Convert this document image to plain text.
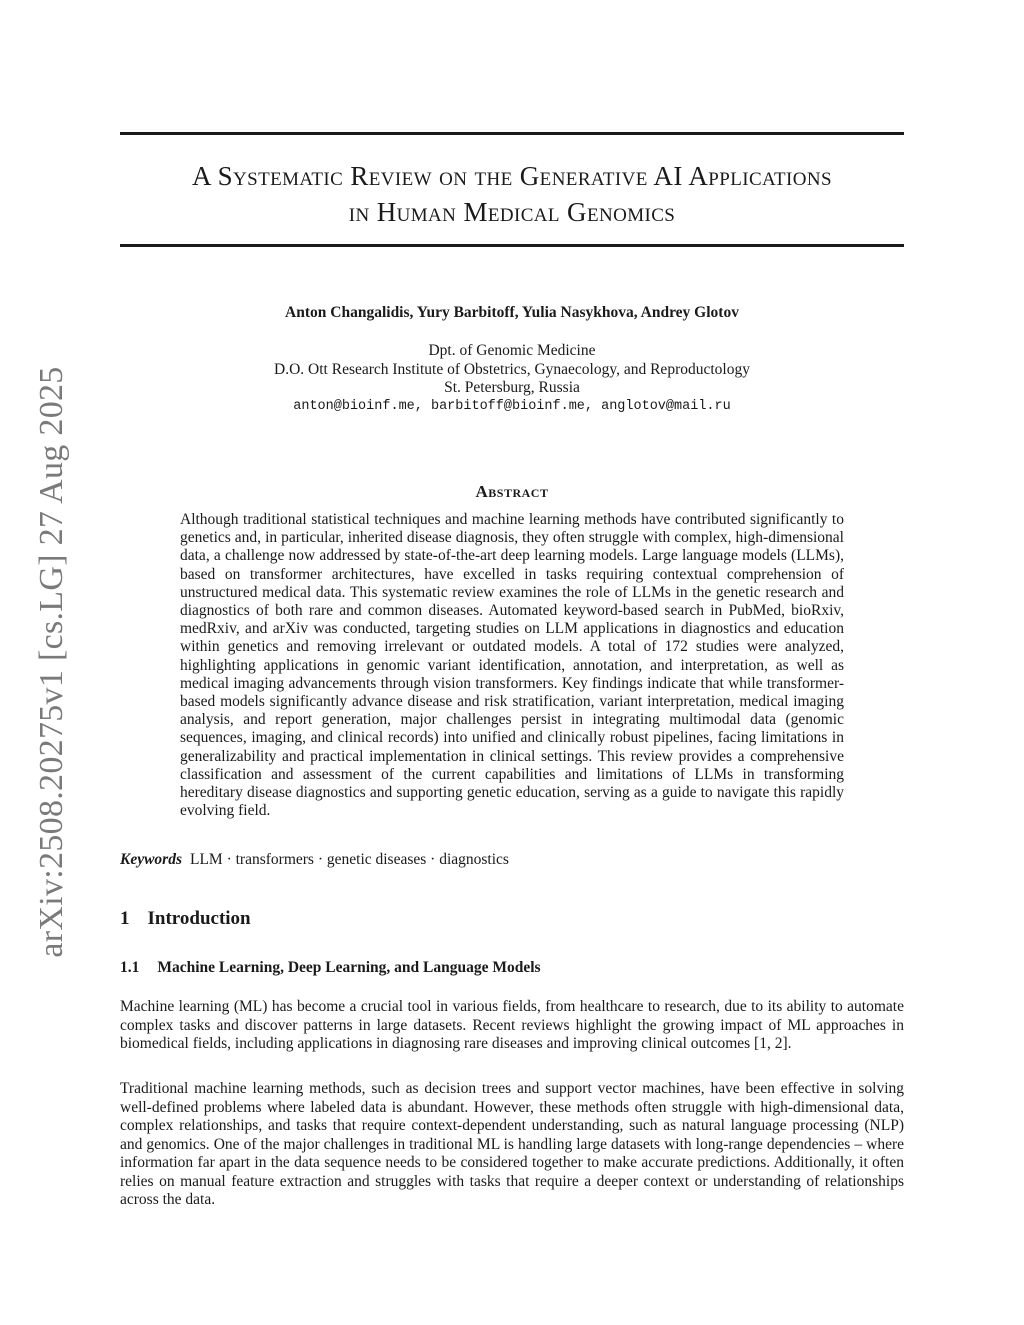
arXiv:2508.20275v1 [cs.LG] 27 Aug 2025
A Systematic Review on the Generative AI Applications
in Human Medical Genomics
Anton Changalidis, Yury Barbitoff, Yulia Nasykhova, Andrey Glotov
Dpt. of Genomic Medicine
D.O. Ott Research Institute of Obstetrics, Gynaecology, and Reproductology
St. Petersburg, Russia
anton@bioinf.me, barbitoff@bioinf.me, anglotov@mail.ru
Abstract
Although traditional statistical techniques and machine learning methods have contributed significantly to genetics and, in particular, inherited disease diagnosis, they often struggle with complex, high-dimensional data, a challenge now addressed by state-of-the-art deep learning models. Large language models (LLMs), based on transformer architectures, have excelled in tasks requiring contextual comprehension of unstructured medical data. This systematic review examines the role of LLMs in the genetic research and diagnostics of both rare and common diseases. Automated keyword-based search in PubMed, bioRxiv, medRxiv, and arXiv was conducted, targeting studies on LLM applications in diagnostics and education within genetics and removing irrelevant or outdated models. A total of 172 studies were analyzed, highlighting applications in genomic variant identification, annotation, and interpretation, as well as medical imaging advancements through vision transformers. Key findings indicate that while transformer-based models significantly advance disease and risk stratification, variant interpretation, medical imaging analysis, and report generation, major challenges persist in integrating multimodal data (genomic sequences, imaging, and clinical records) into unified and clinically robust pipelines, facing limitations in generalizability and practical implementation in clinical settings. This review provides a comprehensive classification and assessment of the current capabilities and limitations of LLMs in transforming hereditary disease diagnostics and supporting genetic education, serving as a guide to navigate this rapidly evolving field.
Keywords LLM · transformers · genetic diseases · diagnostics
1 Introduction
1.1 Machine Learning, Deep Learning, and Language Models

Machine learning (ML) has become a crucial tool in various fields, from healthcare to research, due to its ability to automate complex tasks and discover patterns in large datasets. Recent reviews highlight the growing impact of ML approaches in biomedical fields, including applications in diagnosing rare diseases and improving clinical outcomes [1, 2].

Traditional machine learning methods, such as decision trees and support vector machines, have been effective in solving well-defined problems where labeled data is abundant. However, these methods often struggle with high-dimensional data, complex relationships, and tasks that require context-dependent understanding, such as natural language processing (NLP) and genomics. One of the major challenges in traditional ML is handling large datasets with long-range dependencies – where information far apart in the data sequence needs to be considered together to make accurate predictions. Additionally, it often relies on manual feature extraction and struggles with tasks that require a deeper context or understanding of relationships across the data.
